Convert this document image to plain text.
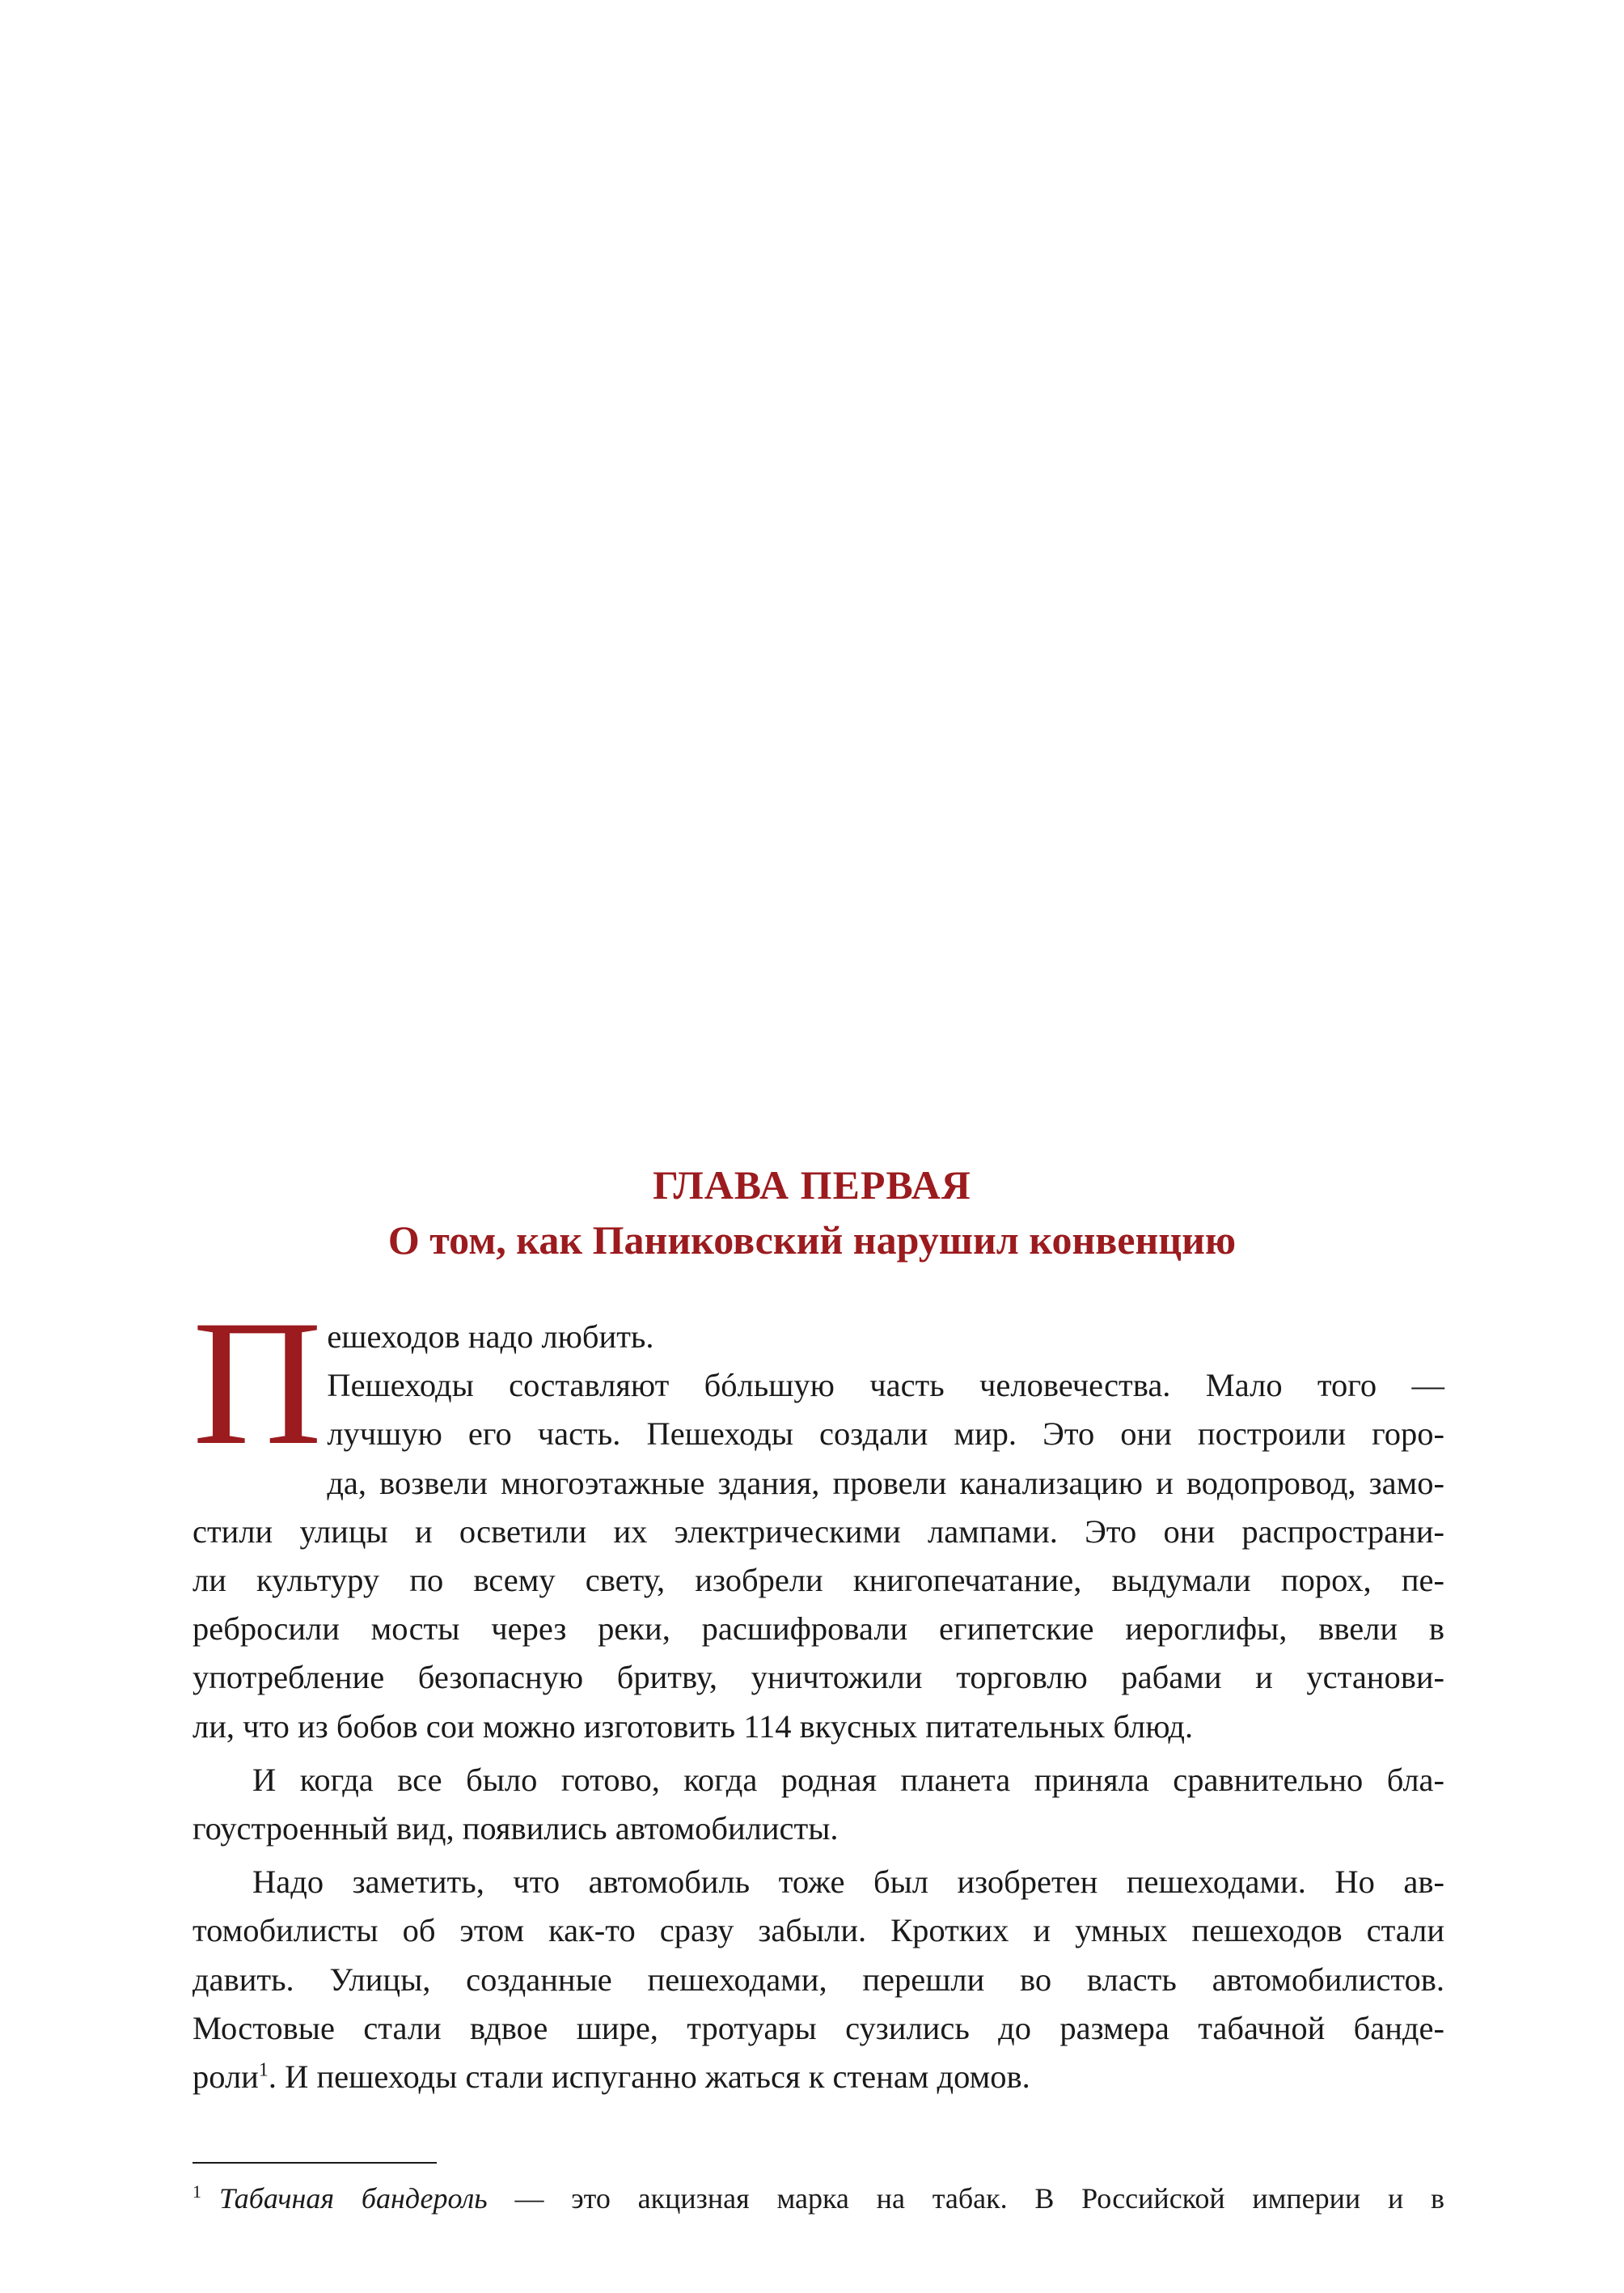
ГЛАВА ПЕРВАЯ
О том, как Паниковский нарушил конвенцию
П ешеходов надо любить.
Пешеходы составляют бóльшую часть человечества. Мало того —
лучшую его часть. Пешеходы создали мир. Это они построили горо-
да, возвели многоэтажные здания, провели канализацию и водопровод, замо-
стили улицы и осветили их электрическими лампами. Это они распространи-
ли культуру по всему свету, изобрели книгопечатание, выдумали порох, пе-
ребросили мосты через реки, расшифровали египетские иероглифы, ввели в
употребление безопасную бритву, уничтожили торговлю рабами и установи-
ли, что из бобов сои можно изготовить 114 вкусных питательных блюд.
И когда все было готово, когда родная планета приняла сравнительно бла-
гоустроенный вид, появились автомобилисты.
Надо заметить, что автомобиль тоже был изобретен пешеходами. Но ав-
томобилисты об этом как-то сразу забыли. Кротких и умных пешеходов стали
давить. Улицы, созданные пешеходами, перешли во власть автомобилистов.
Мостовые стали вдвое шире, тротуары сузились до размера табачной банде-
роли$^1$. И пешеходы стали испуганно жаться к стенам домов.
$^1$ Табачная бандероль — это акцизная марка на табак. В Российской империи и в
